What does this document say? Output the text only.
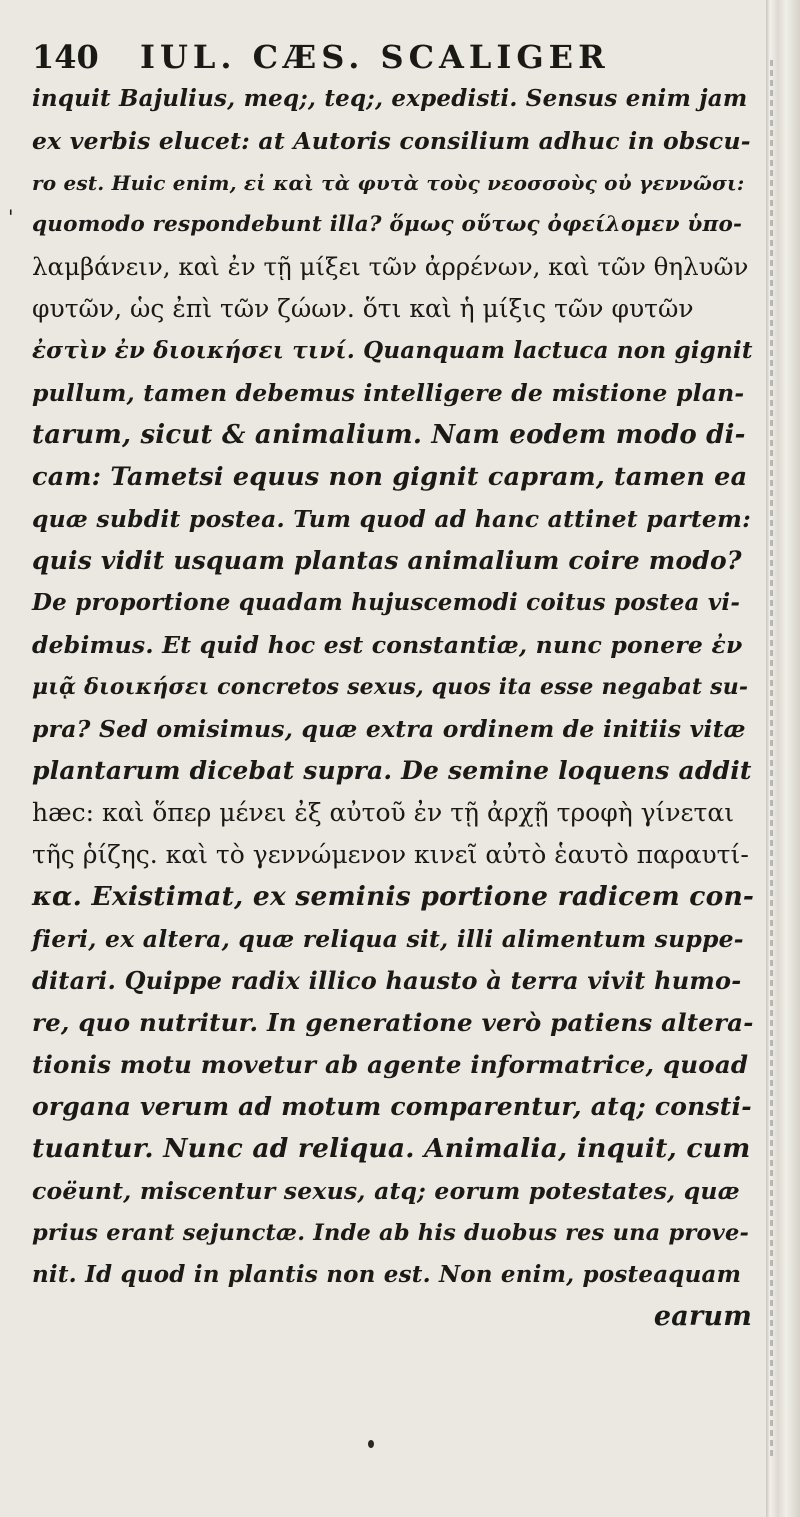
140 IUL. CÆS. SCALIGER
'
inquit Bajulius, meq;, teq;, expedisti. Sensus enim jam
ex verbis elucet: at Autoris consilium adhuc in obscu-
ro est. Huic enim, εἰ καὶ τὰ φυτὰ τοὺς νεοσσοὺς οὐ γεννῶσι:
quomodo respondebunt illa? ὅμως οὕτως ὀφείλομεν ὑπο-
λαμβάνειν, καὶ ἐν τῇ μίξει τῶν ἀρρένων, καὶ τῶν θηλυῶν
φυτῶν, ὡς ἐπὶ τῶν ζώων. ὅτι καὶ ἡ μίξις τῶν φυτῶν
ἐστὶν ἐν διοικήσει τινί. Quanquam lactuca non gignit
pullum, tamen debemus intelligere de mistione plan-
tarum, sicut & animalium. Nam eodem modo di-
cam: Tametsi equus non gignit capram, tamen ea
quæ subdit postea. Tum quod ad hanc attinet partem:
quis vidit usquam plantas animalium coire modo?
De proportione quadam hujuscemodi coitus postea vi-
debimus. Et quid hoc est constantiæ, nunc ponere ἐν
μιᾷ διοικήσει concretos sexus, quos ita esse negabat su-
pra? Sed omisimus, quæ extra ordinem de initiis vitæ
plantarum dicebat supra. De semine loquens addit
hæc: καὶ ὅπερ μένει ἐξ αὐτοῦ ἐν τῇ ἀρχῇ τροφὴ γίνεται
τῆς ῥίζης. καὶ τὸ γεννώμενον κινεῖ αὐτὸ ἑαυτὸ παραυτί-
κα. Existimat, ex seminis portione radicem con-
fieri, ex altera, quæ reliqua sit, illi alimentum suppe-
ditari. Quippe radix illico hausto à terra vivit humo-
re, quo nutritur. In generatione verò patiens altera-
tionis motu movetur ab agente informatrice, quoad
organa verum ad motum comparentur, atq; consti-
tuantur. Nunc ad reliqua. Animalia, inquit, cum
coëunt, miscentur sexus, atq; eorum potestates, quæ
prius erant sejunctæ. Inde ab his duobus res una prove-
nit. Id quod in plantis non est. Non enim, posteaquam
earum
